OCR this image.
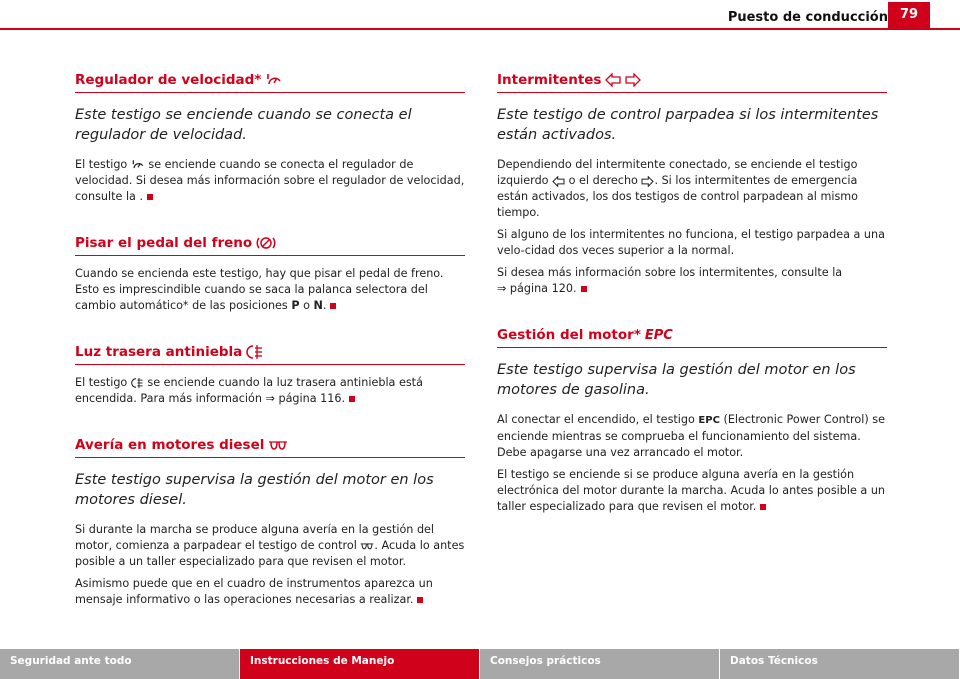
Puesto de conducción 79
Regulador de velocidad*
Este testigo se enciende cuando se conecta el regulador de velocidad.

El testigo se enciende cuando se conecta el regulador de velocidad. Si desea más información sobre el regulador de velocidad, consulte la .

Pisar el pedal del freno

Cuando se encienda este testigo, hay que pisar el pedal de freno. Esto es imprescindible cuando se saca la palanca selectora del cambio automático* de las posiciones P o N.

Luz trasera antiniebla

El testigo se enciende cuando la luz trasera antiniebla está encendida. Para más información ⇒ página 116.

Avería en motores diesel
Este testigo supervisa la gestión del motor en los motores diesel.

Si durante la marcha se produce alguna avería en la gestión del motor, comienza a parpadear el testigo de control . Acuda lo antes posible a un taller especializado para que revisen el motor.

Asimismo puede que en el cuadro de instrumentos aparezca un mensaje informativo o las operaciones necesarias a realizar.

Intermitentes
Este testigo de control parpadea si los intermitentes están activados.

Dependiendo del intermitente conectado, se enciende el testigo izquierdo o el derecho . Si los intermitentes de emergencia están activados, los dos testigos de control parpadean al mismo tiempo.

Si alguno de los intermitentes no funciona, el testigo parpadea a una velo-cidad dos veces superior a la normal.

Si desea más información sobre los intermitentes, consulte la
⇒ página 120.

Gestión del motor* EPC
Este testigo supervisa la gestión del motor en los motores de gasolina.

Al conectar el encendido, el testigo EPC (Electronic Power Control) se enciende mientras se comprueba el funcionamiento del sistema. Debe apagarse una vez arrancado el motor.

El testigo se enciende si se produce alguna avería en la gestión electrónica del motor durante la marcha. Acuda lo antes posible a un taller especializado para que revisen el motor.

Seguridad ante todo	Instrucciones de Manejo	Consejos prácticos	Datos Técnicos
